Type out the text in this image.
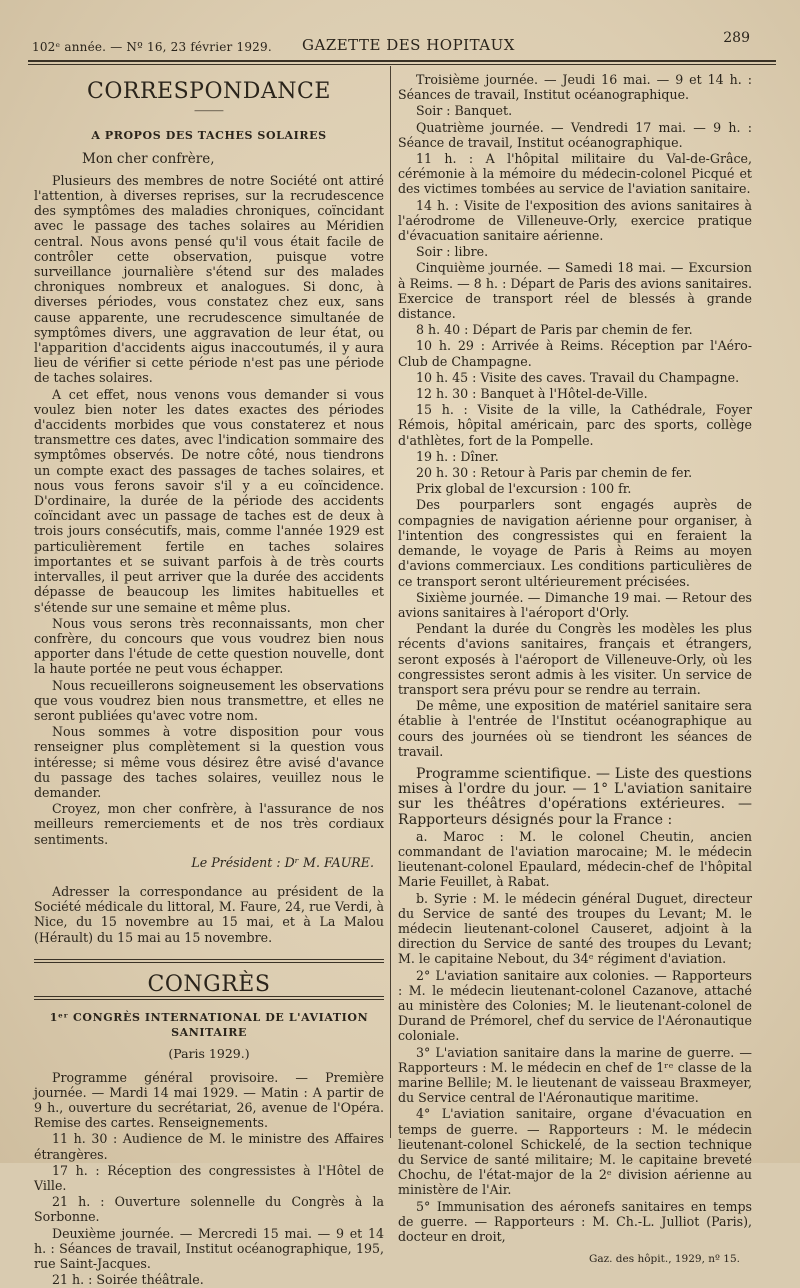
102ᵉ année. — Nº 16, 23 février 1929. GAZETTE DES HOPITAUX	289
CORRESPONDANCE
⸻
A PROPOS DES TACHES SOLAIRES

Mon cher confrère,

Plusieurs des membres de notre Société ont attiré l'attention, à diverses reprises, sur la recrudescence des symptômes des maladies chroniques, coïncidant avec le passage des taches solaires au Méridien central. Nous avons pensé qu'il vous était facile de contrôler cette observation, puisque votre surveillance journalière s'étend sur des malades chroniques nombreux et analogues. Si donc, à diverses périodes, vous constatez chez eux, sans cause apparente, une recrudescence simultanée de symptômes divers, une aggravation de leur état, ou l'apparition d'accidents aigus inaccoutumés, il y aura lieu de vérifier si cette période n'est pas une période de taches solaires.

A cet effet, nous venons vous demander si vous voulez bien noter les dates exactes des périodes d'accidents morbides que vous constaterez et nous transmettre ces dates, avec l'indication sommaire des symptômes observés. De notre côté, nous tiendrons un compte exact des passages de taches solaires, et nous vous ferons savoir s'il y a eu coïncidence. D'ordinaire, la durée de la période des accidents coïncidant avec un passage de taches est de deux à trois jours consécutifs, mais, comme l'année 1929 est particulièrement fertile en taches solaires importantes et se suivant parfois à de très courts intervalles, il peut arriver que la durée des accidents dépasse de beaucoup les limites habituelles et s'étende sur une semaine et même plus.

Nous vous serons très reconnaissants, mon cher confrère, du concours que vous voudrez bien nous apporter dans l'étude de cette question nouvelle, dont la haute portée ne peut vous échapper.

Nous recueillerons soigneusement les observations que vous voudrez bien nous transmettre, et elles ne seront publiées qu'avec votre nom.

Nous sommes à votre disposition pour vous renseigner plus complètement si la question vous intéresse; si même vous désirez être avisé d'avance du passage des taches solaires, veuillez nous le demander.

Croyez, mon cher confrère, à l'assurance de nos meilleurs remerciements et de nos très cordiaux sentiments.

Le Président : Dʳ M. FAURE.

Adresser la correspondance au président de la Société médicale du littoral, M. Faure, 24, rue Verdi, à Nice, du 15 novembre au 15 mai, et à La Malou (Hérault) du 15 mai au 15 novembre.

CONGRÈS
1ᵉʳ CONGRÈS INTERNATIONAL DE L'AVIATION SANITAIRE
(Paris 1929.)

Programme général provisoire. — Première journée. — Mardi 14 mai 1929. — Matin : A partir de 9 h., ouverture du secrétariat, 26, avenue de l'Opéra. Remise des cartes. Renseignements.

11 h. 30 : Audience de M. le ministre des Affaires étrangères.

17 h. : Réception des congressistes à l'Hôtel de Ville.

21 h. : Ouverture solennelle du Congrès à la Sorbonne.

Deuxième journée. — Mercredi 15 mai. — 9 et 14 h. : Séances de travail, Institut océanographique, 195, rue Saint-Jacques.

21 h. : Soirée théâtrale.

Troisième journée. — Jeudi 16 mai. — 9 et 14 h. : Séances de travail, Institut océanographique.

Soir : Banquet.

Quatrième journée. — Vendredi 17 mai. — 9 h. : Séance de travail, Institut océanographique.

11 h. : A l'hôpital militaire du Val-de-Grâce, cérémonie à la mémoire du médecin-colonel Picqué et des victimes tombées au service de l'aviation sanitaire.

14 h. : Visite de l'exposition des avions sanitaires à l'aérodrome de Villeneuve-Orly, exercice pratique d'évacuation sanitaire aérienne.

Soir : libre.

Cinquième journée. — Samedi 18 mai. — Excursion à Reims. — 8 h. : Départ de Paris des avions sanitaires. Exercice de transport réel de blessés à grande distance.

8 h. 40 : Départ de Paris par chemin de fer.

10 h. 29 : Arrivée à Reims. Réception par l'Aéro-Club de Champagne.

10 h. 45 : Visite des caves. Travail du Champagne.

12 h. 30 : Banquet à l'Hôtel-de-Ville.

15 h. : Visite de la ville, la Cathédrale, Foyer Rémois, hôpital américain, parc des sports, collège d'athlètes, fort de la Pompelle.

19 h. : Dîner.

20 h. 30 : Retour à Paris par chemin de fer.

Prix global de l'excursion : 100 fr.

Des pourparlers sont engagés auprès de compagnies de navigation aérienne pour organiser, à l'intention des congressistes qui en feraient la demande, le voyage de Paris à Reims au moyen d'avions commerciaux. Les conditions particulières de ce transport seront ultérieurement précisées.

Sixième journée. — Dimanche 19 mai. — Retour des avions sanitaires à l'aéroport d'Orly.

Pendant la durée du Congrès les modèles les plus récents d'avions sanitaires, français et étrangers, seront exposés à l'aéroport de Villeneuve-Orly, où les congressistes seront admis à les visiter. Un service de transport sera prévu pour se rendre au terrain.

De même, une exposition de matériel sanitaire sera établie à l'entrée de l'Institut océanographique au cours des journées où se tiendront les séances de travail.

Programme scientifique. — Liste des questions mises à l'ordre du jour. — 1° L'aviation sanitaire sur les théâtres d'opérations extérieures. — Rapporteurs désignés pour la France :

a. Maroc : M. le colonel Cheutin, ancien commandant de l'aviation marocaine; M. le médecin lieutenant-colonel Epaulard, médecin-chef de l'hôpital Marie Feuillet, à Rabat.

b. Syrie : M. le médecin général Duguet, directeur du Service de santé des troupes du Levant; M. le médecin lieutenant-colonel Causeret, adjoint à la direction du Service de santé des troupes du Levant; M. le capitaine Nebout, du 34ᵉ régiment d'aviation.

2° L'aviation sanitaire aux colonies. — Rapporteurs : M. le médecin lieutenant-colonel Cazanove, attaché au ministère des Colonies; M. le lieutenant-colonel de Durand de Prémorel, chef du service de l'Aéronautique coloniale.

3° L'aviation sanitaire dans la marine de guerre. — Rapporteurs : M. le médecin en chef de 1ʳᵉ classe de la marine Bellile; M. le lieutenant de vaisseau Braxmeyer, du Service central de l'Aéronautique maritime.

4° L'aviation sanitaire, organe d'évacuation en temps de guerre. — Rapporteurs : M. le médecin lieutenant-colonel Schickelé, de la section technique du Service de santé militaire; M. le capitaine breveté Chochu, de l'état-major de la 2ᵉ division aérienne au ministère de l'Air.

5° Immunisation des aéronefs sanitaires en temps de guerre. — Rapporteurs : M. Ch.-L. Julliot (Paris), docteur en droit,

Gaz. des hôpit., 1929, nº 15.
